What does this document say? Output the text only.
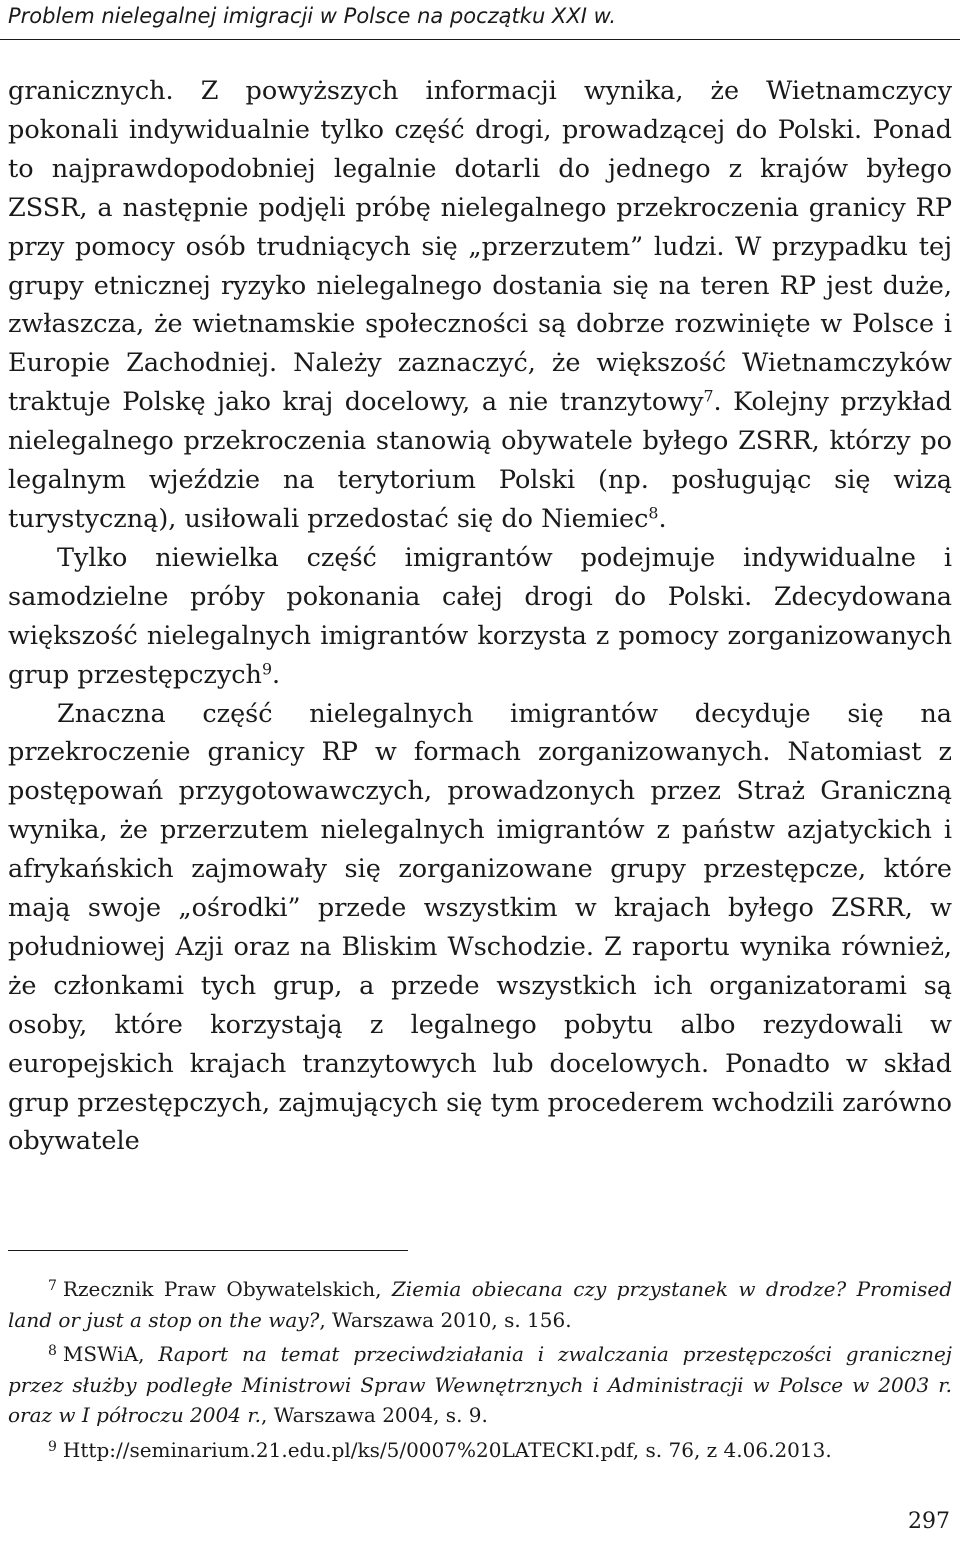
Problem nielegalnej imigracji w Polsce na początku XXI w.

granicznych. Z powyższych informacji wynika, że Wietnamczycy pokonali indywidualnie tylko część drogi, prowadzącej do Polski. Ponad to najprawdopodobniej legalnie dotarli do jednego z krajów byłego ZSSR, a następnie podjęli próbę nielegalnego przekroczenia granicy RP przy pomocy osób trudniących się „przerzutem” ludzi. W przypadku tej grupy etnicznej ryzyko nielegalnego dostania się na teren RP jest duże, zwłaszcza, że wietnamskie społeczności są dobrze rozwinięte w Polsce i Europie Zachodniej. Należy zaznaczyć, że większość Wietnamczyków traktuje Polskę jako kraj docelowy, a nie tranzytowy$^7$. Kolejny przykład nielegalnego przekroczenia stanowią obywatele byłego ZSRR, którzy po legalnym wjeździe na terytorium Polski (np. posługując się wizą turystyczną), usiłowali przedostać się do Niemiec$^8$.

Tylko niewielka część imigrantów podejmuje indywidualne i samodzielne próby pokonania całej drogi do Polski. Zdecydowana większość nielegalnych imigrantów korzysta z pomocy zorganizowanych grup przestępczych$^9$.

Znaczna część nielegalnych imigrantów decyduje się na przekroczenie granicy RP w formach zorganizowanych. Natomiast z postępowań przygotowawczych, prowadzonych przez Straż Graniczną wynika, że przerzutem nielegalnych imigrantów z państw azjatyckich i afrykańskich zajmowały się zorganizowane grupy przestępcze, które mają swoje „ośrodki” przede wszystkim w krajach byłego ZSRR, w południowej Azji oraz na Bliskim Wschodzie. Z raportu wynika również, że członkami tych grup, a przede wszystkich ich organizatorami są osoby, które korzystają z legalnego pobytu albo rezydowali w europejskich krajach tranzytowych lub docelowych. Ponadto w skład grup przestępczych, zajmujących się tym procederem wchodzili zarówno obywatele

$^7$ Rzecznik Praw Obywatelskich, Ziemia obiecana czy przystanek w drodze? Promised land or just a stop on the way?, Warszawa 2010, s. 156.

$^8$ MSWiA, Raport na temat przeciwdziałania i zwalczania przestępczości granicznej przez służby podległe Ministrowi Spraw Wewnętrznych i Administracji w Polsce w 2003 r. oraz w I półroczu 2004 r., Warszawa 2004, s. 9.

$^9$ Http://seminarium.21.edu.pl/ks/5/0007%20LATECKI.pdf, s. 76, z 4.06.2013.

297
